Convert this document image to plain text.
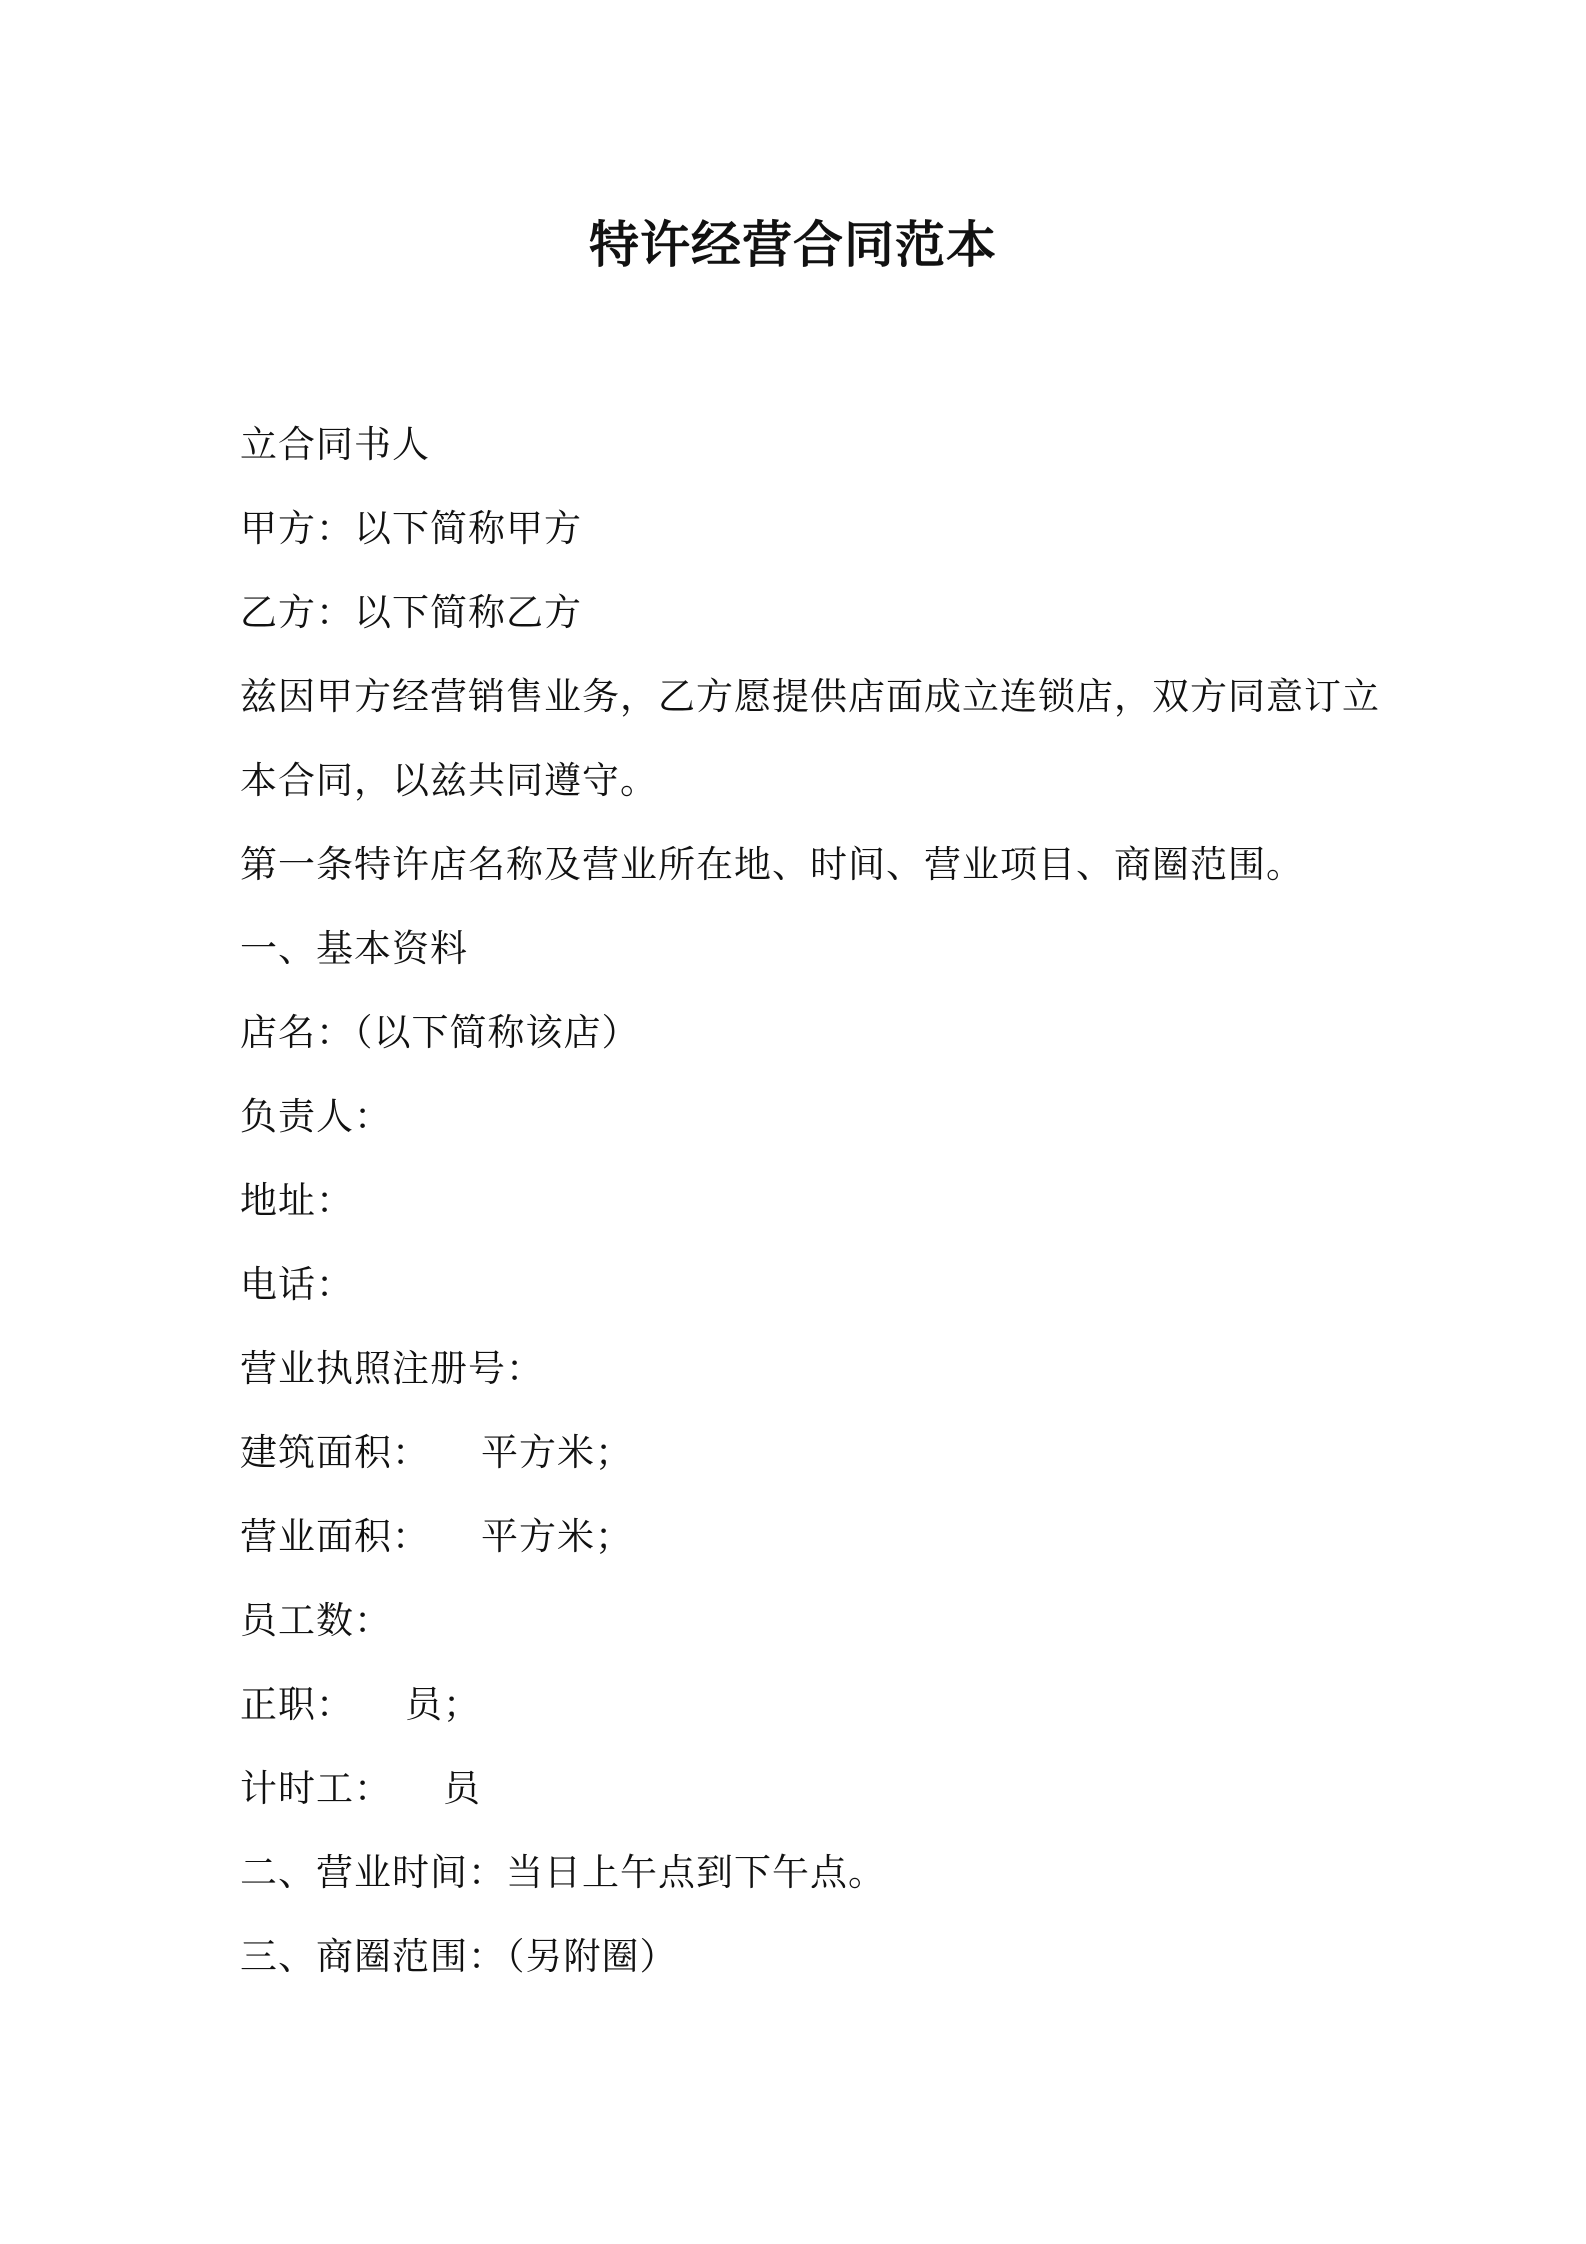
特许经营合同范本
立合同书人
甲方：以下简称甲方
乙方：以下简称乙方
兹因甲方经营销售业务，乙方愿提供店面成立连锁店，双方同意订立
本合同，以兹共同遵守。
第一条特许店名称及营业所在地、时间、营业项目、商圈范围。
一、基本资料
店名：（以下简称该店）
负责人：
地址：
电话：
营业执照注册号：
建筑面积：    平方米；
营业面积：    平方米；
员工数：
正职：    员；
计时工：    员
二、营业时间：当日上午点到下午点。
三、商圈范围：（另附圈）
